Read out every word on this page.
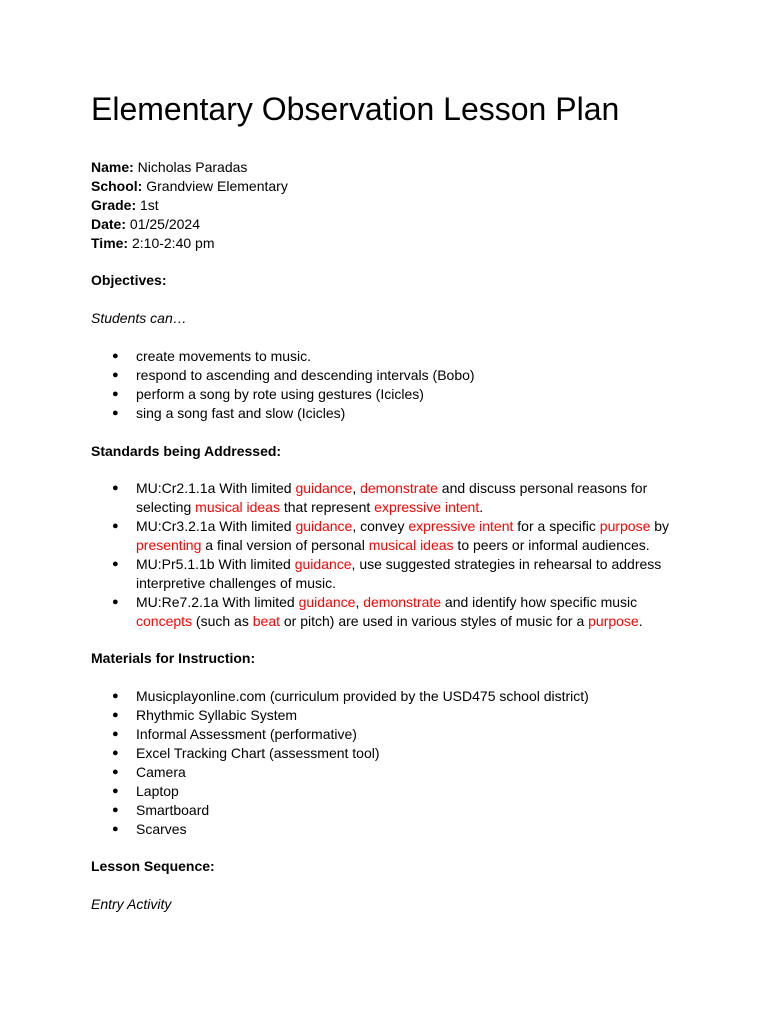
Elementary Observation Lesson Plan

Name: Nicholas Paradas

School: Grandview Elementary

Grade: 1st

Date: 01/25/2024

Time: 2:10-2:40 pm

Objectives:

Students can…

● create movements to music.
● respond to ascending and descending intervals (Bobo)
● perform a song by rote using gestures (Icicles)
● sing a song fast and slow (Icicles)

Standards being Addressed:

● MU:Cr2.1.1a With limited guidance, demonstrate and discuss personal reasons for selecting musical ideas that represent expressive intent.
● MU:Cr3.2.1a With limited guidance, convey expressive intent for a specific purpose by presenting a final version of personal musical ideas to peers or informal audiences.
● MU:Pr5.1.1b With limited guidance, use suggested strategies in rehearsal to address interpretive challenges of music.
● MU:Re7.2.1a With limited guidance, demonstrate and identify how specific music concepts (such as beat or pitch) are used in various styles of music for a purpose.

Materials for Instruction:

● Musicplayonline.com (curriculum provided by the USD475 school district)
● Rhythmic Syllabic System
● Informal Assessment (performative)
● Excel Tracking Chart (assessment tool)
● Camera
● Laptop
● Smartboard
● Scarves

Lesson Sequence:

Entry Activity
